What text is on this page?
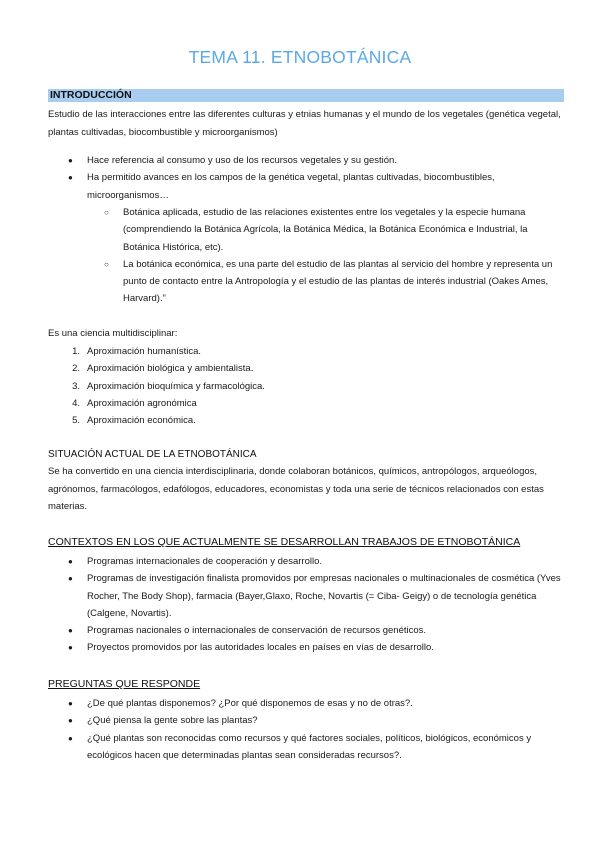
TEMA 11. ETNOBOTÁNICA
INTRODUCCIÓN
Estudio de las interacciones entre las diferentes culturas y etnias humanas y el mundo de los vegetales (genética vegetal, plantas cultivadas, biocombustible y microorganismos)
● Hace referencia al consumo y uso de los recursos vegetales y su gestión.
● Ha permitido avances en los campos de la genética vegetal, plantas cultivadas, biocombustibles, microorganismos…
○ Botánica aplicada, estudio de las relaciones existentes entre los vegetales y la especie humana (comprendiendo la Botánica Agrícola, la Botánica Médica, la Botánica Económica e Industrial, la Botánica Histórica, etc).
○ La botánica económica, es una parte del estudio de las plantas al servicio del hombre y representa un punto de contacto entre la Antropología y el estudio de las plantas de interés industrial (Oakes Ames, Harvard).”
Es una ciencia multidisciplinar:
1. Aproximación humanística.
2. Aproximación biológica y ambientalista.
3. Aproximación bioquímica y farmacológica.
4. Aproximación agronómica
5. Aproximación económica.
SITUACIÓN ACTUAL DE LA ETNOBOTÁNICA
Se ha convertido en una ciencia interdisciplinaria, donde colaboran botánicos, químicos, antropólogos, arqueólogos, agrónomos, farmacólogos, edafólogos, educadores, economistas y toda una serie de técnicos relacionados con estas materias.
CONTEXTOS EN LOS QUE ACTUALMENTE SE DESARROLLAN TRABAJOS DE ETNOBOTÁNICA
● Programas internacionales de cooperación y desarrollo.
● Programas de investigación finalista promovidos por empresas nacionales o multinacionales de cosmética (Yves Rocher, The Body Shop), farmacia (Bayer,Glaxo, Roche, Novartis (= Ciba- Geigy) o de tecnología genética (Calgene, Novartis).
● Programas nacionales o internacionales de conservación de recursos genéticos.
● Proyectos promovidos por las autoridades locales en países en vías de desarrollo.
PREGUNTAS QUE RESPONDE
● ¿De qué plantas disponemos? ¿Por qué disponemos de esas y no de otras?.
● ¿Qué piensa la gente sobre las plantas?
● ¿Qué plantas son reconocidas como recursos y qué factores sociales, políticos, biológicos, económicos y ecológicos hacen que determinadas plantas sean consideradas recursos?.
